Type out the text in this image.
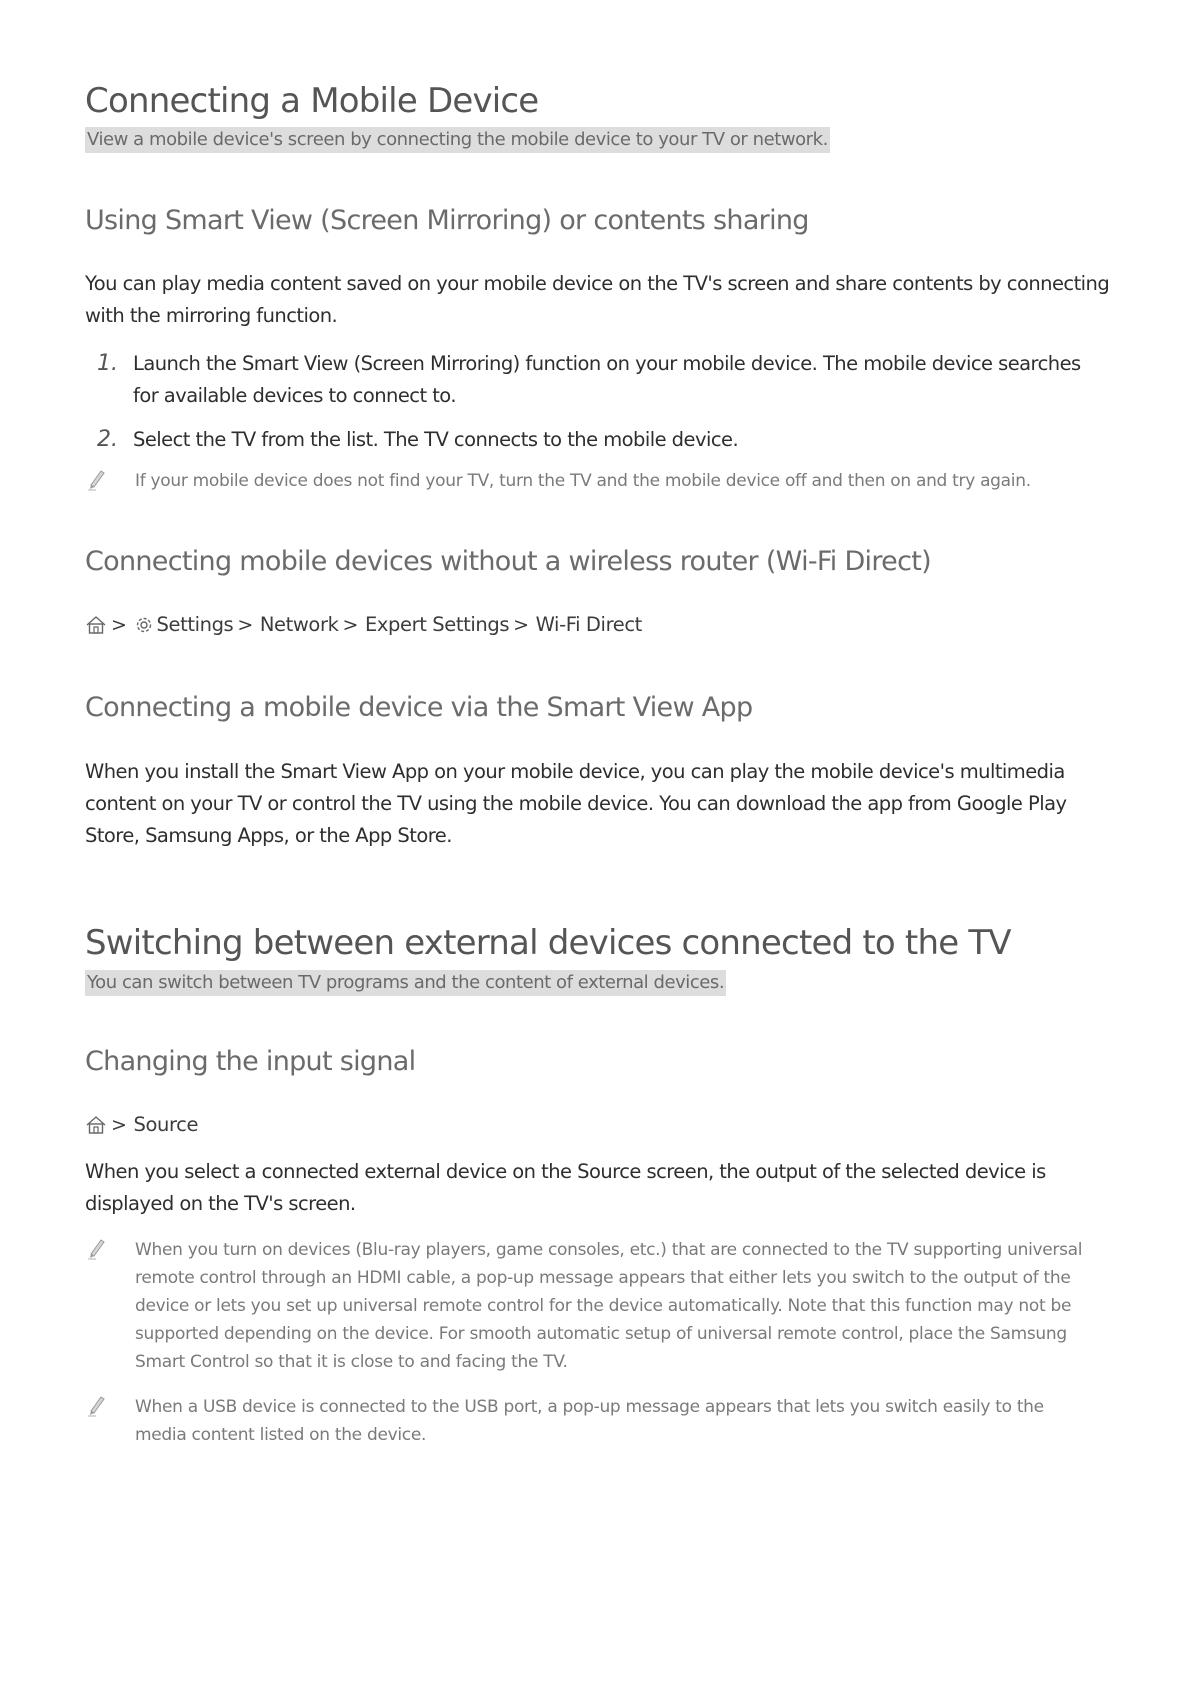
Connecting a Mobile Device
View a mobile device's screen by connecting the mobile device to your TV or network.
Using Smart View (Screen Mirroring) or contents sharing
You can play media content saved on your mobile device on the TV's screen and share contents by connecting with the mirroring function.
1. Launch the Smart View (Screen Mirroring) function on your mobile device. The mobile device searches for available devices to connect to.
2. Select the TV from the list. The TV connects to the mobile device.
If your mobile device does not find your TV, turn the TV and the mobile device off and then on and try again.
Connecting mobile devices without a wireless router (Wi-Fi Direct)
> Settings > Network > Expert Settings > Wi-Fi Direct
Connecting a mobile device via the Smart View App
When you install the Smart View App on your mobile device, you can play the mobile device's multimedia content on your TV or control the TV using the mobile device. You can download the app from Google Play Store, Samsung Apps, or the App Store.
Switching between external devices connected to the TV
You can switch between TV programs and the content of external devices.
Changing the input signal
> Source
When you select a connected external device on the Source screen, the output of the selected device is displayed on the TV's screen.
When you turn on devices (Blu-ray players, game consoles, etc.) that are connected to the TV supporting universal remote control through an HDMI cable, a pop-up message appears that either lets you switch to the output of the device or lets you set up universal remote control for the device automatically. Note that this function may not be supported depending on the device. For smooth automatic setup of universal remote control, place the Samsung Smart Control so that it is close to and facing the TV.
When a USB device is connected to the USB port, a pop-up message appears that lets you switch easily to the media content listed on the device.
